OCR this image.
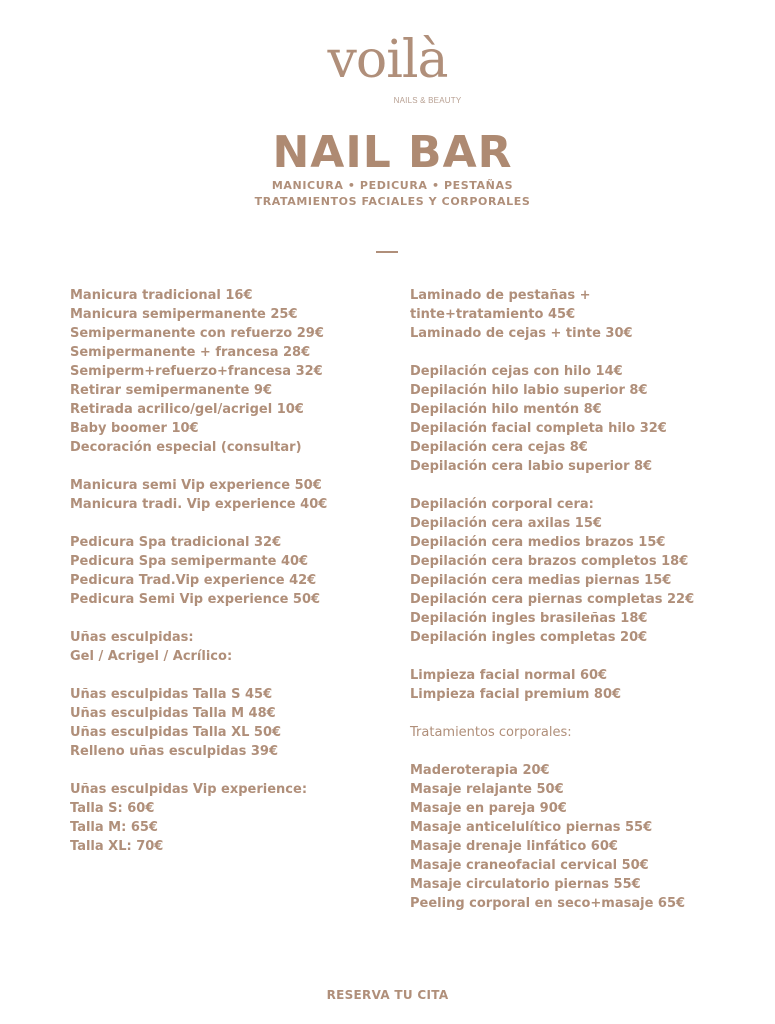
voilà
NAILS & BEAUTY
NAIL BAR
MANICURA • PEDICURA • PESTAÑAS
TRATAMIENTOS FACIALES Y CORPORALES
Manicura tradicional 16€
Manicura semipermanente 25€
Semipermanente con refuerzo 29€
Semipermanente + francesa 28€
Semiperm+refuerzo+francesa 32€
Retirar semipermanente 9€
Retirada acrilico/gel/acrigel 10€
Baby boomer 10€
Decoración especial (consultar)
Manicura semi Vip experience 50€
Manicura tradi. Vip experience 40€
Pedicura Spa tradicional 32€
Pedicura Spa semipermante 40€
Pedicura Trad.Vip experience 42€
Pedicura Semi Vip experience 50€
Uñas esculpidas:
Gel / Acrigel / Acrílico:
Uñas esculpidas Talla S 45€
Uñas esculpidas Talla M 48€
Uñas esculpidas Talla XL 50€
Relleno uñas esculpidas 39€
Uñas esculpidas Vip experience:
Talla S: 60€
Talla M: 65€
Talla XL: 70€
Laminado de pestañas +
tinte+tratamiento 45€
Laminado de cejas + tinte 30€
Depilación cejas con hilo 14€
Depilación hilo labio superior 8€
Depilación hilo mentón 8€
Depilación facial completa hilo 32€
Depilación cera cejas 8€
Depilación cera labio superior 8€
Depilación corporal cera:
Depilación cera axilas 15€
Depilación cera medios brazos 15€
Depilación cera brazos completos 18€
Depilación cera medias piernas 15€
Depilación cera piernas completas 22€
Depilación ingles brasileñas 18€
Depilación ingles completas 20€
Limpieza facial normal 60€
Limpieza facial premium 80€
Tratamientos corporales:
Maderoterapia 20€
Masaje relajante 50€
Masaje en pareja 90€
Masaje anticelulítico piernas 55€
Masaje drenaje linfático 60€
Masaje craneofacial cervical 50€
Masaje circulatorio piernas 55€
Peeling corporal en seco+masaje 65€
RESERVA TU CITA
